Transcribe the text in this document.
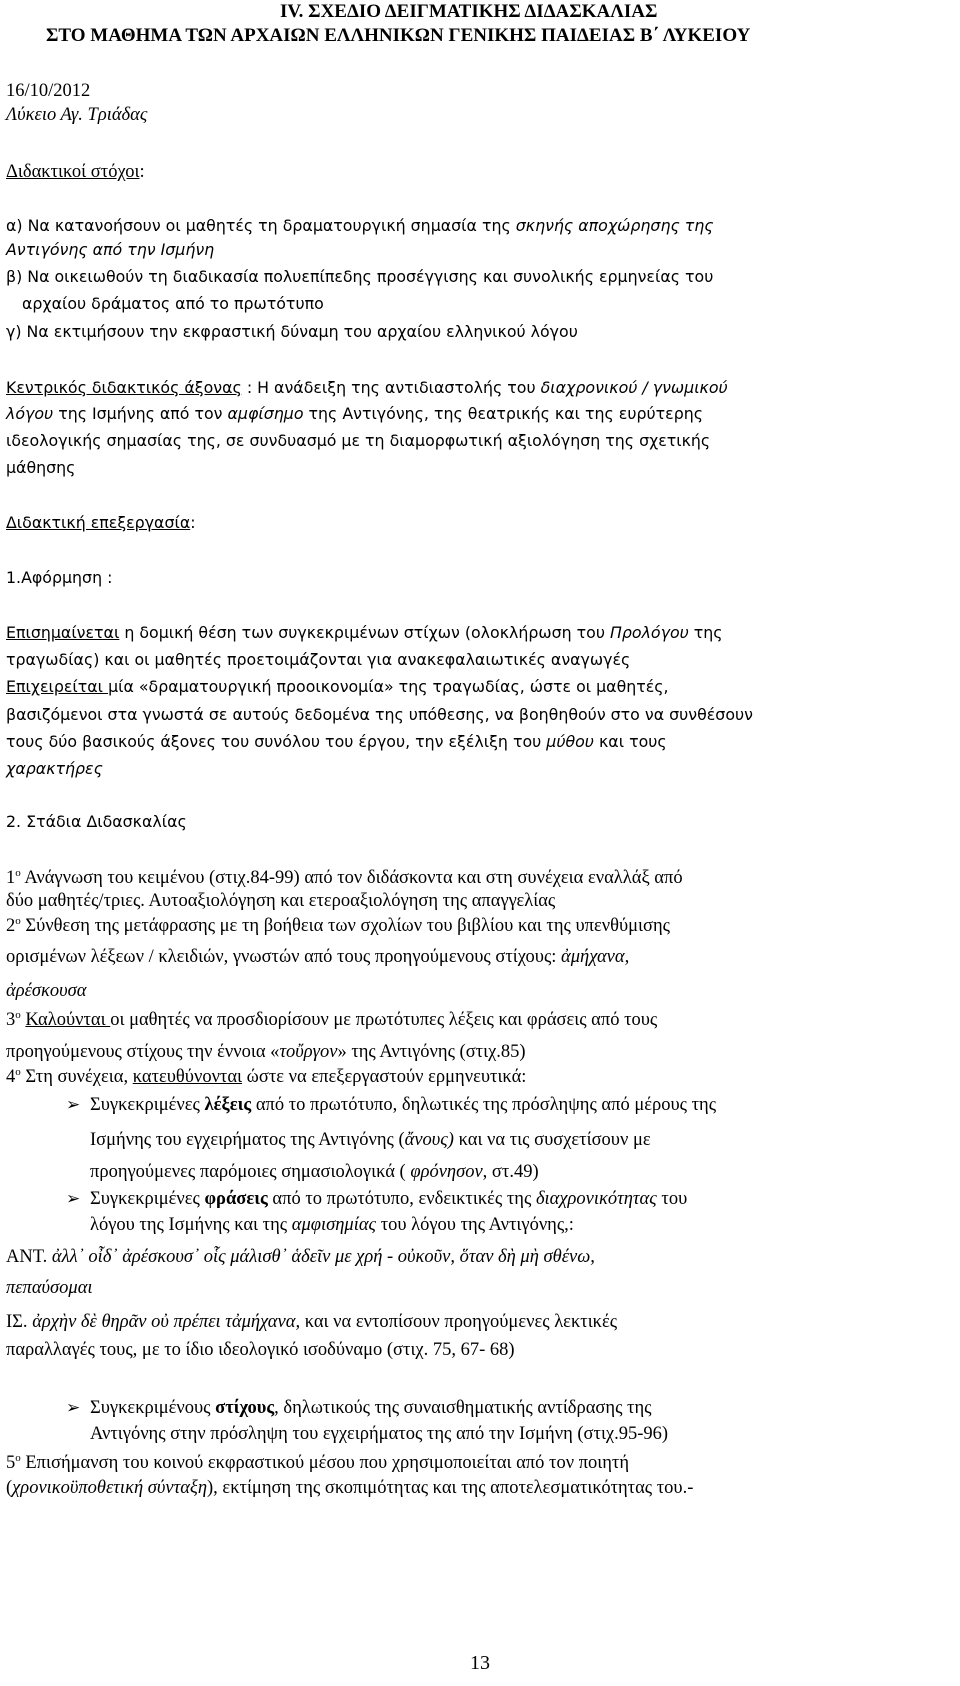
IV. ΣΧΕΔΙΟ ΔΕΙΓΜΑΤΙΚΗΣ ΔΙΔΑΣΚΑΛΙΑΣ
ΣΤΟ ΜΑΘΗΜΑ ΤΩΝ ΑΡΧΑΙΩΝ ΕΛΛΗΝΙΚΩΝ ΓΕΝΙΚΗΣ ΠΑΙΔΕΙΑΣ Β΄ ΛΥΚΕΙΟΥ
16/10/2012
Λύκειο Αγ. Τριάδας
Διδακτικοί στόχοι:
α) Να κατανοήσουν οι μαθητές τη δραματουργική σημασία της σκηνής αποχώρησης της
Αντιγόνης από την Ισμήνη
β) Να οικειωθούν τη διαδικασία πολυεπίπεδης προσέγγισης και συνολικής ερμηνείας του
αρχαίου δράματος από το πρωτότυπο
γ) Να εκτιμήσουν την εκφραστική δύναμη του αρχαίου ελληνικού λόγου
Κεντρικός διδακτικός άξονας : Η ανάδειξη της αντιδιαστολής του διαχρονικού / γνωμικού
λόγου της Ισμήνης από τον αμφίσημο της Αντιγόνης, της θεατρικής και της ευρύτερης
ιδεολογικής σημασίας της, σε συνδυασμό με τη διαμορφωτική αξιολόγηση της σχετικής
μάθησης
Διδακτική επεξεργασία:
1.Αφόρμηση :
Επισημαίνεται η δομική θέση των συγκεκριμένων στίχων (ολοκλήρωση του Προλόγου της
τραγωδίας) και οι μαθητές προετοιμάζονται για ανακεφαλαιωτικές αναγωγές
Επιχειρείται μία «δραματουργική προοικονομία» της τραγωδίας, ώστε οι μαθητές,
βασιζόμενοι στα γνωστά σε αυτούς δεδομένα της υπόθεσης, να βοηθηθούν στο να συνθέσουν
τους δύο βασικούς άξονες του συνόλου του έργου, την εξέλιξη του μύθου και τους
χαρακτήρες
2. Στάδια Διδασκαλίας
$1^o$ Ανάγνωση του κειμένου (στιχ.84-99) από τον διδάσκοντα και στη συνέχεια εναλλάξ από
δύο μαθητές/τριες. Αυτοαξιολόγηση και ετεροαξιολόγηση της απαγγελίας
$2^o$ Σύνθεση της μετάφρασης με τη βοήθεια των σχολίων του βιβλίου και της υπενθύμισης
ορισμένων λέξεων / κλειδιών, γνωστών από τους προηγούμενους στίχους: ἀμήχανα,
ἀρέσκουσα
$3^o$ Καλούνται οι μαθητές να προσδιορίσουν με πρωτότυπες λέξεις και φράσεις από τους
προηγούμενους στίχους την έννοια «τοὔργον» της Αντιγόνης (στιχ.85)
$4^o$ Στη συνέχεια, κατευθύνονται ώστε να επεξεργαστούν ερμηνευτικά:
➢ Συγκεκριμένες λέξεις από το πρωτότυπο, δηλωτικές της πρόσληψης από μέρους της
Ισμήνης του εγχειρήματος της Αντιγόνης (ἄνους) και να τις συσχετίσουν με
προηγούμενες παρόμοιες σημασιολογικά ( φρόνησον, στ.49)
➢ Συγκεκριμένες φράσεις από το πρωτότυπο, ενδεικτικές της διαχρονικότητας του
λόγου της Ισμήνης και της αμφισημίας του λόγου της Αντιγόνης,:
ΑΝΤ. ἀλλ᾽ οἶδ᾽ ἀρέσκουσ᾽ οἷς μάλισθ᾽ ἁδεῖν με χρή - οὐκοῦν, ὅταν δὴ μὴ σθένω,
πεπαύσομαι
ΙΣ. ἀρχὴν δὲ θηρᾶν οὐ πρέπει τἀμήχανα, και να εντοπίσουν προηγούμενες λεκτικές
παραλλαγές τους, με το ίδιο ιδεολογικό ισοδύναμο (στιχ. 75, 67- 68)
➢ Συγκεκριμένους στίχους, δηλωτικούς της συναισθηματικής αντίδρασης της
Αντιγόνης στην πρόσληψη του εγχειρήματος της από την Ισμήνη (στιχ.95-96)
$5^o$ Επισήμανση του κοινού εκφραστικού μέσου που χρησιμοποιείται από τον ποιητή
(χρονικοϋποθετική σύνταξη), εκτίμηση της σκοπιμότητας και της αποτελεσματικότητας του.-
13
